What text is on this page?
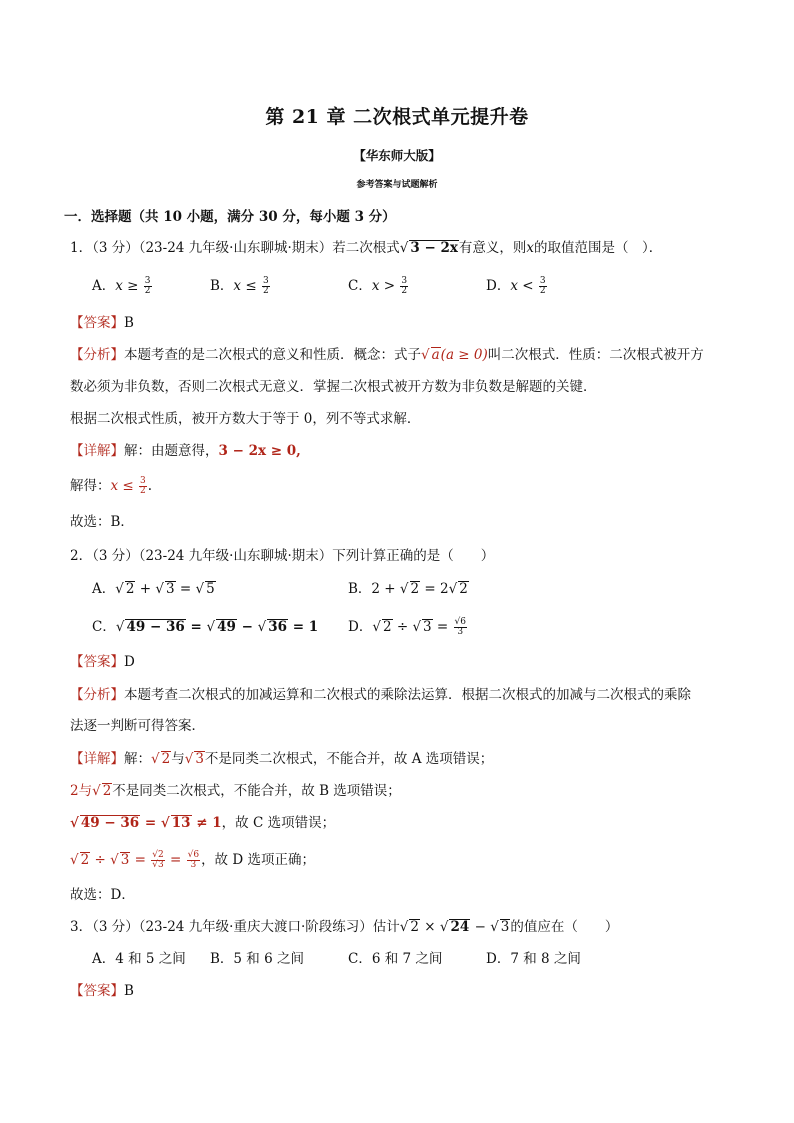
第 21 章 二次根式单元提升卷
【华东师大版】
参考答案与试题解析
一．选择题（共 10 小题，满分 30 分，每小题 3 分）
1．（3 分）（23-24 九年级·山东聊城·期末）若二次根式√ 3 − 2x有意义，则x的取值范围是（　）．
A．$x \ge \frac{3}{2}$	B．$x \le \frac{3}{2}$	C．$x > \frac{3}{2}$	D．$x < \frac{3}{2}$
【答案】B
【分析】本题考查的是二次根式的意义和性质．概念：式子√ a(a ≥ 0)叫二次根式．性质：二次根式被开方
数必须为非负数，否则二次根式无意义．掌握二次根式被开方数为非负数是解题的关键．
根据二次根式性质，被开方数大于等于 0，列不等式求解．
【详解】解：由题意得，3 − 2x ≥ 0,
解得：$x \le \frac{3}{2}$ .
故选：B．
2．（3 分）（23-24 九年级·山东聊城·期末）下列计算正确的是（　　）
A．√ 2 + √ 3 = √ 5	B．2 + √ 2 = 2√ 2
C．√ 49 − 36 = √ 49 − √ 36 = 1 D．√ 2 ÷ √ $3 = \frac{√6}{3}$
【答案】D
【分析】本题考查二次根式的加减运算和二次根式的乘除法运算．根据二次根式的加减与二次根式的乘除
法逐一判断可得答案．
【详解】解：√ 2与√ 3不是同类二次根式，不能合并，故 A 选项错误；
2与√ 2不是同类二次根式，不能合并，故 B 选项错误；
√ 49 − 36 = √ 13 ≠ 1，故 C 选项错误；
√ 2 ÷ √ $3 = \frac{√2}{√3} = \frac{√6}{3}$ ，故 D 选项正确；
故选：D．
3．（3 分）（23-24 九年级·重庆大渡口·阶段练习）估计√ 2 × √ 24 − √ 3的值应在（　　）
A．4 和 5 之间 B．5 和 6 之间	C．6 和 7 之间	D．7 和 8 之间
【答案】B
